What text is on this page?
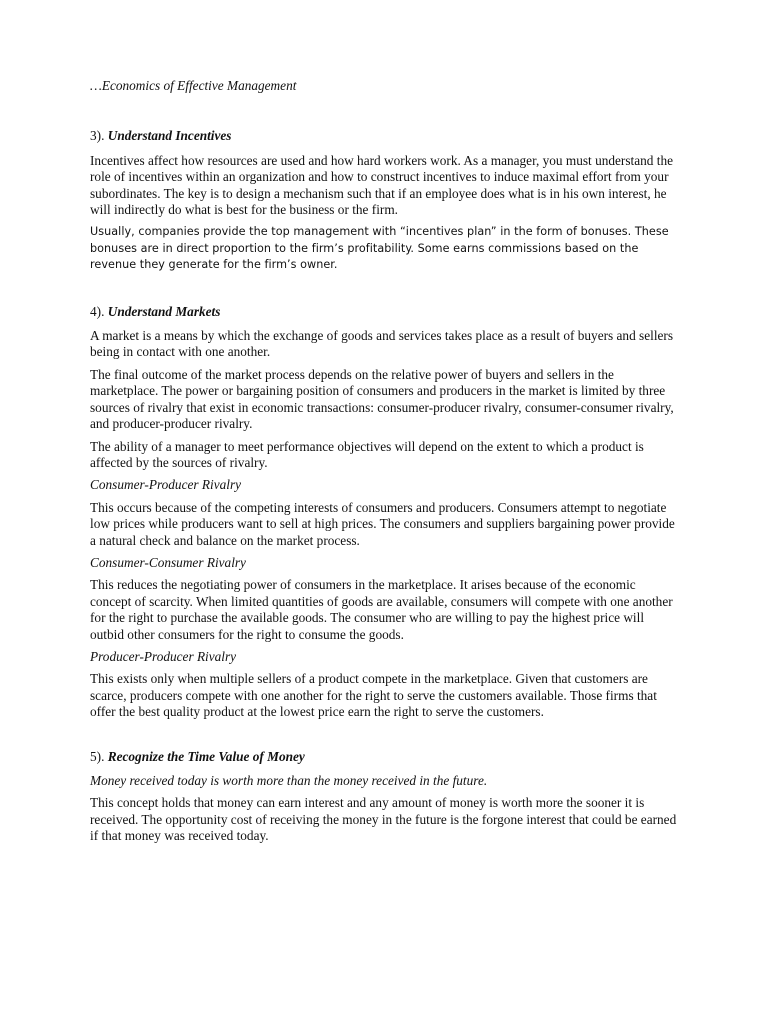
…Economics of Effective Management

3). Understand Incentives

Incentives affect how resources are used and how hard workers work. As a manager, you must understand the role of incentives within an organization and how to construct incentives to induce maximal effort from your subordinates. The key is to design a mechanism such that if an employee does what is in his own interest, he will indirectly do what is best for the business or the firm.

Usually, companies provide the top management with “incentives plan” in the form of bonuses. These bonuses are in direct proportion to the firm’s profitability. Some earns commissions based on the revenue they generate for the firm’s owner.

4). Understand Markets

A market is a means by which the exchange of goods and services takes place as a result of buyers and sellers being in contact with one another.

The final outcome of the market process depends on the relative power of buyers and sellers in the marketplace. The power or bargaining position of consumers and producers in the market is limited by three sources of rivalry that exist in economic transactions: consumer-producer rivalry, consumer-consumer rivalry, and producer-producer rivalry.

The ability of a manager to meet performance objectives will depend on the extent to which a product is affected by the sources of rivalry.

Consumer-Producer Rivalry

This occurs because of the competing interests of consumers and producers. Consumers attempt to negotiate low prices while producers want to sell at high prices. The consumers and suppliers bargaining power provide a natural check and balance on the market process.

Consumer-Consumer Rivalry

This reduces the negotiating power of consumers in the marketplace. It arises because of the economic concept of scarcity. When limited quantities of goods are available, consumers will compete with one another for the right to purchase the available goods. The consumer who are willing to pay the highest price will outbid other consumers for the right to consume the goods.

Producer-Producer Rivalry

This exists only when multiple sellers of a product compete in the marketplace. Given that customers are scarce, producers compete with one another for the right to serve the customers available. Those firms that offer the best quality product at the lowest price earn the right to serve the customers.

5). Recognize the Time Value of Money

Money received today is worth more than the money received in the future.

This concept holds that money can earn interest and any amount of money is worth more the sooner it is received. The opportunity cost of receiving the money in the future is the forgone interest that could be earned if that money was received today.
